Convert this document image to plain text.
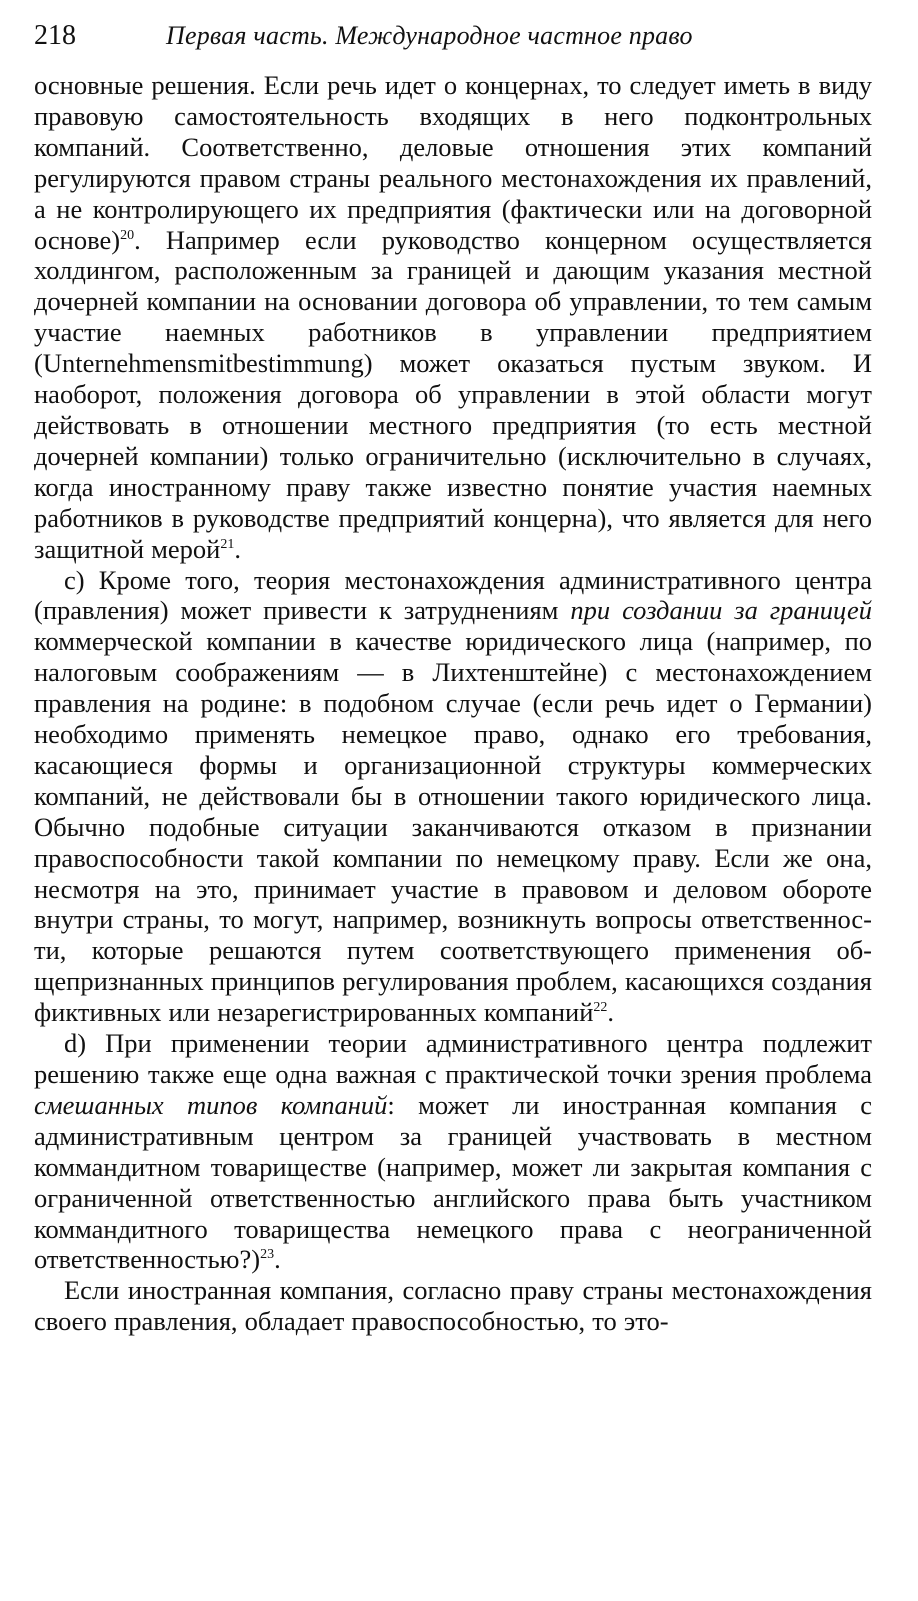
218	Первая часть. Международное частное право

основные решения. Если речь идет о концернах, то следует иметь в виду правовую самостоятельность входящих в него подконтрольных компаний. Соответственно, деловые отношения этих компаний регулируются правом страны реального местонахождения их правлений, а не контролирующего их предприятия (фактически или на договорной основе)$^{20}$. Например если руководство концерном осуществляется холдингом, расположенным за границей и дающим указания местной дочерней компании на основании договора об управлении, то тем самым участие наемных работников в управлении предприятием (Unternehmensmitbestimmung) может оказаться пустым звуком. И наоборот, положения договора об управлении в этой области могут действовать в отношении местного предприятия (то есть местной дочерней компании) только ограничительно (исключительно в случаях, когда иностранному праву также известно понятие участия наемных работников в руководстве предприятий концерна), что является для него защитной мерой$^{21}$.

c) Кроме того, теория местонахождения административного центра (правления) может привести к затруднениям при создании за границей коммерческой компании в качестве юридического лица (например, по налоговым соображениям — в Лихтенштейне) с местонахождением правления на родине: в подобном случае (если речь идет о Германии) необходимо применять немецкое право, однако его требования, касающиеся формы и организационной структуры коммерческих компаний, не действовали бы в отношении такого юридического лица. Обычно подобные ситуации заканчиваются отказом в признании правоспособности такой компании по немецкому праву. Если же она, несмотря на это, принимает участие в правовом и деловом обороте внутри страны, то могут, например, возникнуть вопросы ответственности, которые решаются путем соответствующего применения общепризнанных принципов регулирования проблем, касающихся создания фиктивных или незарегистрированных компаний$^{22}$.

d) При применении теории административного центра подлежит решению также еще одна важная с практической точки зрения проблема смешанных типов компаний: может ли иностранная компания с административным центром за границей участвовать в местном коммандитном товариществе (например, может ли закрытая компания с ограниченной ответственностью английского права быть участником коммандитного товарищества немецкого права с неограниченной ответственностью?)$^{23}$.

Если иностранная компания, согласно праву страны местонахождения своего правления, обладает правоспособностью, то это-
